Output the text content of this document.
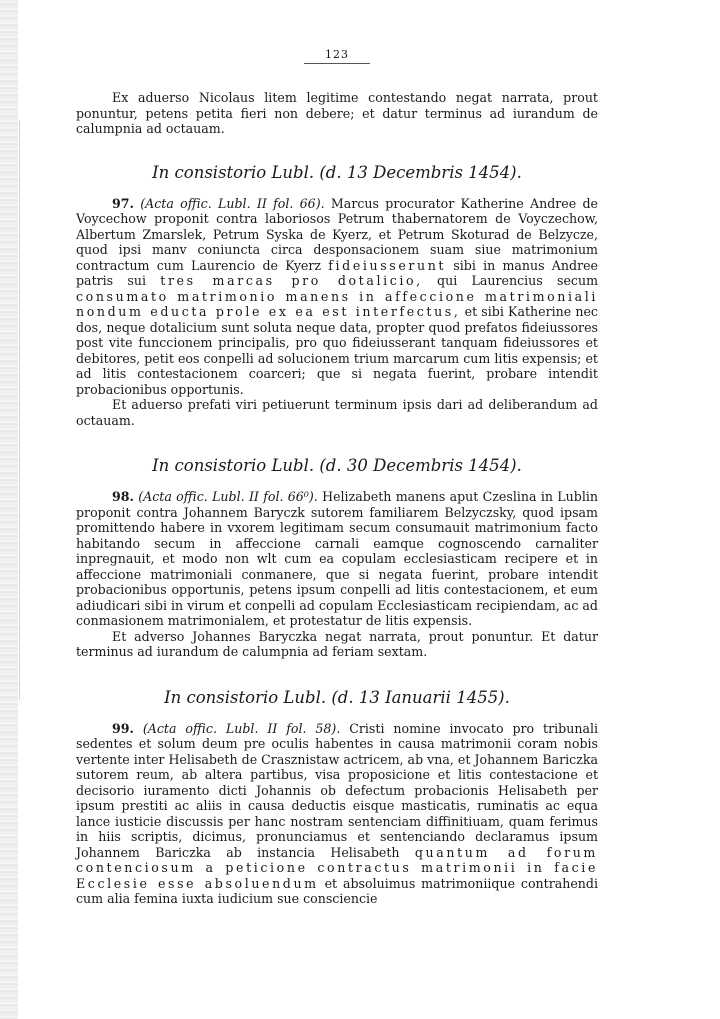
123

Ex aduerso Nicolaus litem legitime contestando negat narrata, prout ponuntur, petens petita fieri non debere; et datur terminus ad iurandum de calumpnia ad octauam.

In consistorio Lubl. (d. 13 Decembris 1454).

97. (Acta offic. Lubl. II fol. 66). Marcus procurator Katherine Andree de Voycechow proponit contra laboriosos Petrum thabernatorem de Voyczechow, Albertum Zmarslek, Petrum Syska de Kyerz, et Petrum Skoturad de Belzycze, quod ipsi manv coniuncta circa desponsacionem suam siue matrimonium contractum cum Laurencio de Kyerz fideiusserunt sibi in manus Andree patris sui tres marcas pro dotalicio, qui Laurencius secum consumato matrimonio manens in affeccione matrimoniali nondum educta prole ex ea est interfectus, et sibi Katherine nec dos, neque dotalicium sunt soluta neque data, propter quod prefatos fideiussores post vite funccionem principalis, pro quo fideiusserant tanquam fideiussores et debitores, petit eos conpelli ad solucionem trium marcarum cum litis expensis; et ad litis contestacionem coarceri; que si negata fuerint, probare intendit probacionibus opportunis.

Et aduerso prefati viri petiuerunt terminum ipsis dari ad deliberandum ad octauam.

In consistorio Lubl. (d. 30 Decembris 1454).

98. (Acta offic. Lubl. II fol. 66⁰). Helizabeth manens aput Czeslina in Lublin proponit contra Johannem Baryczk sutorem familiarem Belzyczsky, quod ipsam promittendo habere in vxorem legitimam secum consumauit matrimonium facto habitando secum in affeccione carnali eamque cognoscendo carnaliter inpregnauit, et modo non wlt cum ea copulam ecclesiasticam recipere et in affeccione matrimoniali conmanere, que si negata fuerint, probare intendit probacionibus opportunis, petens ipsum conpelli ad litis contestacionem, et eum adiudicari sibi in virum et conpelli ad copulam Ecclesiasticam recipiendam, ac ad conmasionem matrimonialem, et protestatur de litis expensis.

Et adverso Johannes Baryczka negat narrata, prout ponuntur. Et datur terminus ad iurandum de calumpnia ad feriam sextam.

In consistorio Lubl. (d. 13 Ianuarii 1455).

99. (Acta offic. Lubl. II fol. 58). Cristi nomine invocato pro tribunali sedentes et solum deum pre oculis habentes in causa matrimonii coram nobis vertente inter Helisabeth de Crasznistaw actricem, ab vna, et Johannem Bariczka sutorem reum, ab altera partibus, visa proposicione et litis contestacione et decisorio iuramento dicti Johannis ob defectum probacionis Helisabeth per ipsum prestiti ac aliis in causa deductis eisque masticatis, ruminatis ac equa lance iusticie discussis per hanc nostram sentenciam diffinitiuam, quam ferimus in hiis scriptis, dicimus, pronunciamus et sentenciando declaramus ipsum Johannem Bariczka ab instancia Helisabeth quantum ad forum contenciosum a peticione contractus matrimonii in facie Ecclesie esse absoluendum et absoluimus matrimoniique contrahendi cum alia femina iuxta iudicium sue consciencie
